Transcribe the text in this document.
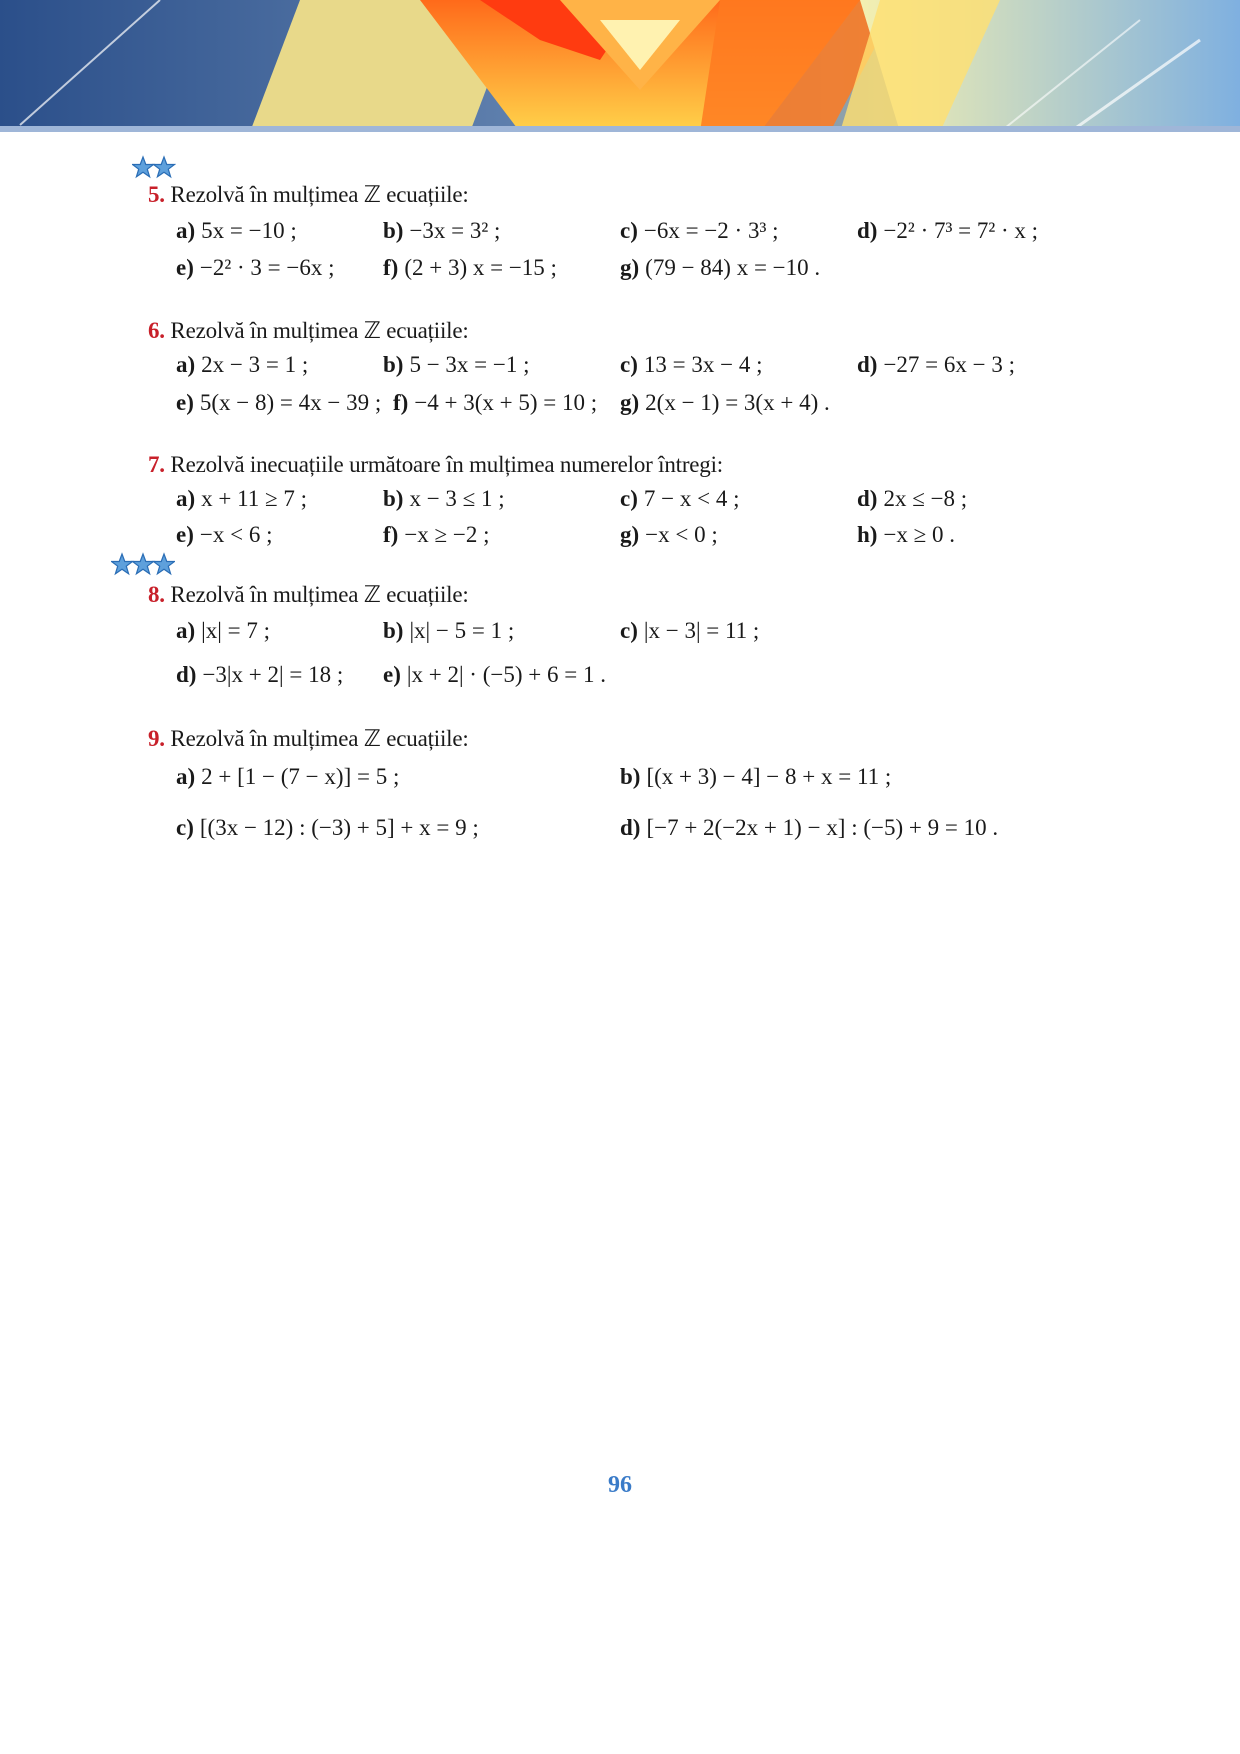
5. Rezolvă în mulțimea ℤ ecuațiile:
a) 5x = −10 ;	b) −3x = 3² ;	c) −6x = −2 · 3³ ;	d) −2² · 7³ = 7² · x ;
e) −2² · 3 = −6x ; f) (2 + 3) x = −15 ;	g) (79 − 84) x = −10 .
6. Rezolvă în mulțimea ℤ ecuațiile:
a) 2x − 3 = 1 ;	b) 5 − 3x = −1 ;	c) 13 = 3x − 4 ;	d) −27 = 6x − 3 ;
e) 5(x − 8) = 4x − 39 ; f) −4 + 3(x + 5) = 10 ; g) 2(x − 1) = 3(x + 4) .
7. Rezolvă inecuațiile următoare în mulțimea numerelor întregi:
a) x + 11 ≥ 7 ;	b) x − 3 ≤ 1 ;	c) 7 − x < 4 ;	d) 2x ≤ −8 ;
e) −x < 6 ;	f) −x ≥ −2 ;	g) −x < 0 ;	h) −x ≥ 0 .
8. Rezolvă în mulțimea ℤ ecuațiile:
a) |x| = 7 ;	b) |x| − 5 = 1 ;	c) |x − 3| = 11 ;
d) −3|x + 2| = 18 ; e) |x + 2| · (−5) + 6 = 1 .
9. Rezolvă în mulțimea ℤ ecuațiile:
a) 2 + [1 − (7 − x)] = 5 ;	b) [(x + 3) − 4] − 8 + x = 11 ;
c) [(3x − 12) : (−3) + 5] + x = 9 ;	d) [−7 + 2(−2x + 1) − x] : (−5) + 9 = 10 .
96
